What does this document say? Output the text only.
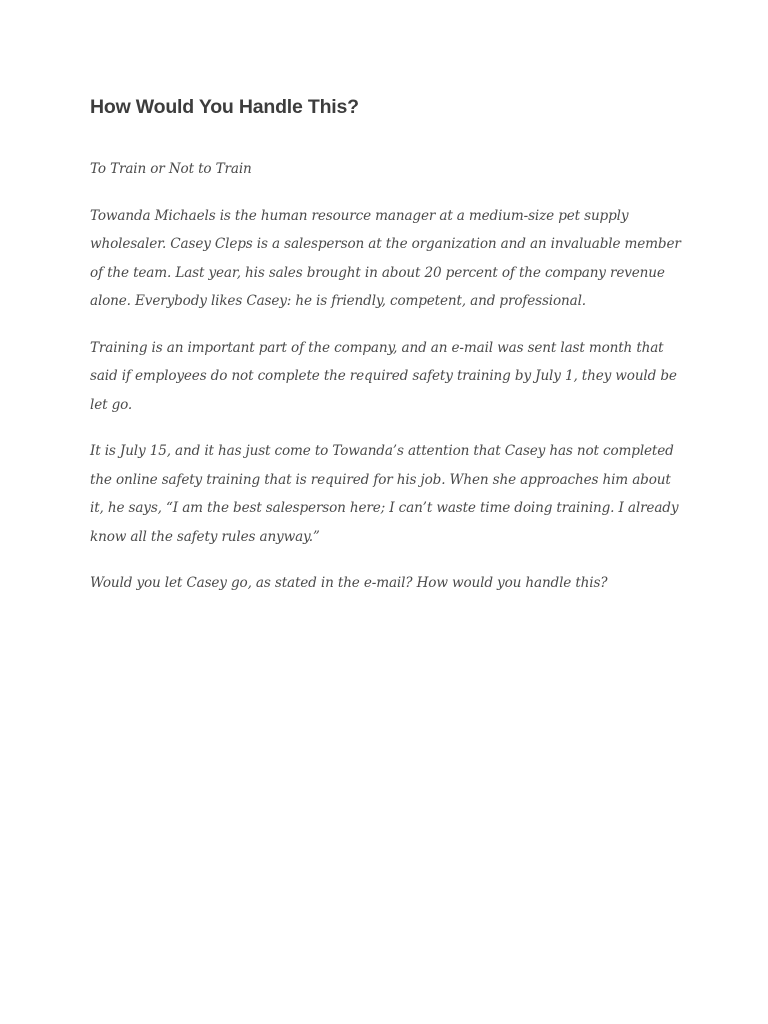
How Would You Handle This?

To Train or Not to Train

Towanda Michaels is the human resource manager at a medium-size pet supply wholesaler. Casey Cleps is a salesperson at the organization and an invaluable member of the team. Last year, his sales brought in about 20 percent of the company revenue alone. Everybody likes Casey: he is friendly, competent, and professional.

Training is an important part of the company, and an e-mail was sent last month that said if employees do not complete the required safety training by July 1, they would be let go.

It is July 15, and it has just come to Towanda’s attention that Casey has not completed the online safety training that is required for his job. When she approaches him about it, he says, “I am the best salesperson here; I can’t waste time doing training. I already know all the safety rules anyway.”

Would you let Casey go, as stated in the e-mail? How would you handle this?
